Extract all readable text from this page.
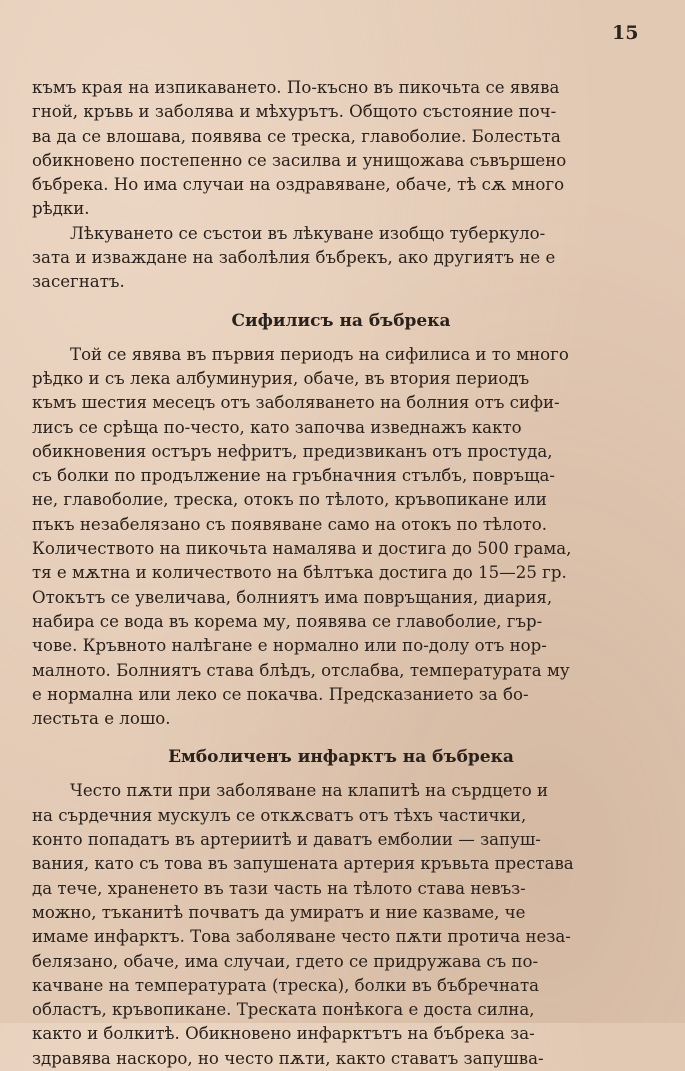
15

къмъ края на изпикаването. По-късно въ пикочьта се явява
гной, кръвь и заболява и мѣхурътъ. Общото състояние поч-
ва да се влошава, появява се треска, главоболие. Болестьта
обикновено постепенно се засилва и унищожава съвършено
бъбрека. Но има случаи на оздравяване, обаче, тѣ сѫ много
рѣдки.

Лѣкуването се състои въ лѣкуване изобщо туберкуло-
зата и изваждане на заболѣлия бъбрекъ, ако другиятъ не е
засегнатъ.

Сифилисъ на бъбрека

Той се явява въ първия периодъ на сифилиса и то много
рѣдко и съ лека албуминурия, обаче, въ втория периодъ
къмъ шестия месецъ отъ заболяването на болния отъ сифи-
лисъ се срѣща по-често, като започва изведнажъ както
обикновения остъръ нефритъ, предизвиканъ отъ простуда,
съ болки по продължение на гръбначния стълбъ, повръща-
не, главоболие, треска, отокъ по тѣлото, кръвопикане или
пъкъ незабелязано съ появяване само на отокъ по тѣлото.
Количеството на пикочьта намалява и достига до 500 грама,
тя е мѫтна и количеството на бѣлтъка достига до 15—25 гр.
Отокътъ се увеличава, болниятъ има повръщания, диария,
набира се вода въ корема му, появява се главоболие, гър-
чове. Кръвното налѣгане е нормално или по-долу отъ нор-
малното. Болниятъ става блѣдъ, отслабва, температурата му
е нормална или леко се покачва. Предсказанието за бо-
лестьта е лошо.

Емболиченъ инфарктъ на бъбрека

Често пѫти при заболяване на клапитѣ на сърдцето и
на сърдечния мускулъ се откѫсватъ отъ тѣхъ частички,
конто попадатъ въ артериитѣ и даватъ емболии — запуш-
вания, като съ това въ запушената артерия кръвьта престава
да тече, храненето въ тази часть на тѣлото става невъз-
можно, тъканитѣ почватъ да умиратъ и ние казваме, че
имаме инфарктъ. Това заболяване често пѫти протича неза-
белязано, обаче, има случаи, гдето се придружава съ по-
качване на температурата (треска), болки въ бъбречната
областъ, кръвопикане. Треската понѣкога е доста силна,
както и болкитѣ. Обикновено инфарктътъ на бъбрека за-
здравява наскоро, но често пѫти, както ставатъ запушва-
